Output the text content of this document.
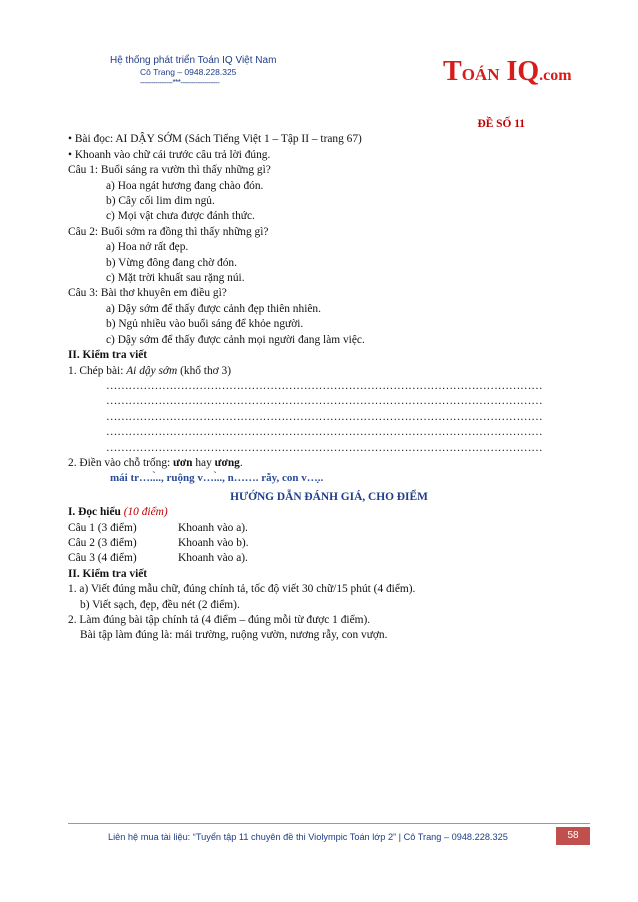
Hệ thống phát triển Toán IQ Việt Nam
Cô Trang – 0948.228.325
---------------***------------------	TOÁN IQ.com
ĐỀ SỐ 11
• Bài đọc: AI DẬY SỚM (Sách Tiếng Việt 1 – Tập II – trang 67)
• Khoanh vào chữ cái trước câu trả lời đúng.
Câu 1: Buổi sáng ra vườn thì thấy những gì?
a) Hoa ngát hương đang chào đón.
b) Cây cối lim dim ngủ.
c) Mọi vật chưa được đánh thức.
Câu 2: Buổi sớm ra đồng thì thấy những gì?
a) Hoa nở rất đẹp.
b) Vừng đông đang chờ đón.
c) Mặt trời khuất sau rặng núi.
Câu 3: Bài thơ khuyên em điều gì?
a) Dậy sớm để thấy được cảnh đẹp thiên nhiên.
b) Ngủ nhiều vào buổi sáng để khỏe người.
c) Dậy sớm để thấy được cảnh mọi người đang làm việc.
II. Kiểm tra viết
1. Chép bài: Ai dậy sớm (khổ thơ 3)
………………………………………………………………………………………………………
………………………………………………………………………………………………………
………………………………………………………………………………………………………
………………………………………………………………………………………………………
………………………………………………………………………………………………………
2. Điền vào chỗ trống: ươn hay ương.
mái tr…..̀.., ruộng v….̀.., n……. rẫy, con v…̣..
HƯỚNG DẪN ĐÁNH GIÁ, CHO ĐIỂM
I. Đọc hiểu (10 điểm)
Câu 1 (3 điểm)	Khoanh vào a).
Câu 2 (3 điểm)	Khoanh vào b).
Câu 3 (4 điểm)	Khoanh vào a).
II. Kiểm tra viết
1. a) Viết đúng mẫu chữ, đúng chính tả, tốc độ viết 30 chữ/15 phút (4 điểm).
b) Viết sạch, đẹp, đều nét (2 điểm).
2. Làm đúng bài tập chính tả (4 điểm – đúng mỗi từ được 1 điểm).
Bài tập làm đúng là: mái trường, ruộng vườn, nương rẫy, con vượn.
Liên hệ mua tài liệu: “Tuyển tập 11 chuyên đề thi Violympic Toán lớp 2” | Cô Trang – 0948.228.325	58
